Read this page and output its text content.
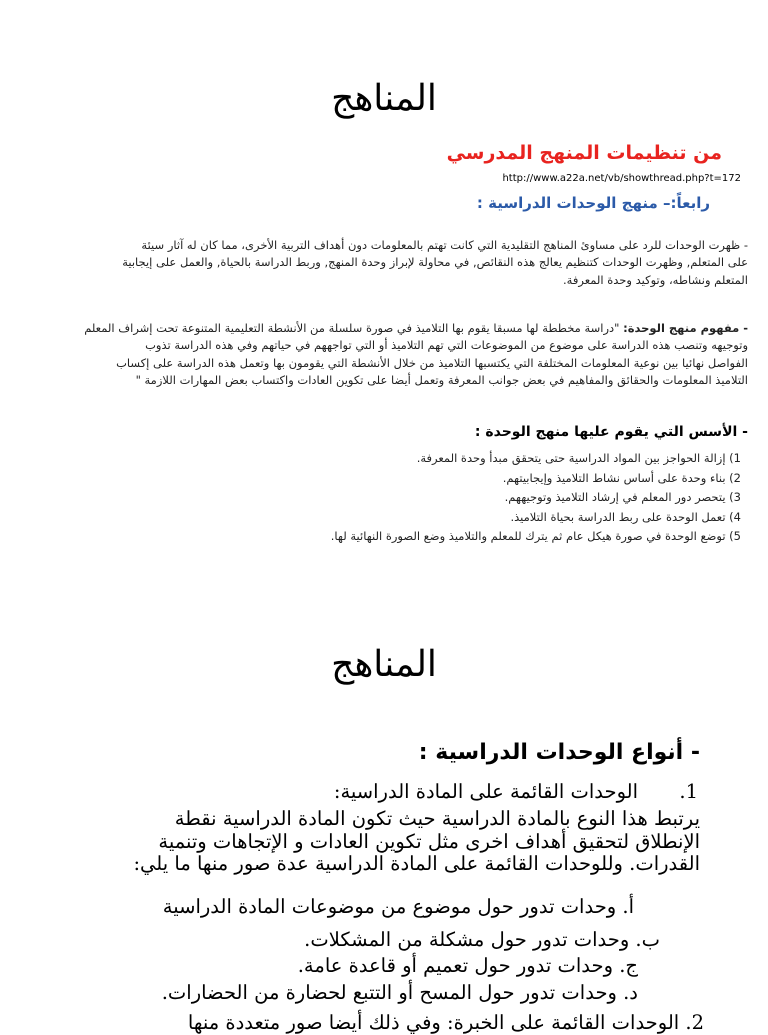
المناهج
من تنظيمات المنهج المدرسي
http://www.a22a.net/vb/showthread.php?t=172
رابعاً:– منهج الوحدات الدراسية :
- ظهرت الوحدات للرد على مساوئ المناهج التقليدية التي كانت تهتم بالمعلومات دون أهداف التربية الأخرى، مما كان له آثار سيئة
على المتعلم, وظهرت الوحدات كتنظيم يعالج هذه النقائص, في محاولة لإبراز وحدة المنهج, وربط الدراسة بالحياة, والعمل على إيجابية
المتعلم ونشاطه، وتوكيد وحدة المعرفة.
- مفهوم منهج الوحدة: "دراسة مخططة لها مسبقا يقوم بها التلاميذ في صورة سلسلة من الأنشطة التعليمية المتنوعة تحت إشراف المعلم
وتوجيهه وتنصب هذه الدراسة على موضوع من الموضوعات التي تهم التلاميذ أو التي تواجههم في حياتهم وفي هذه الدراسة تذوب
الفواصل نهائيا بين نوعية المعلومات المختلفة التي يكتسبها التلاميذ من خلال الأنشطة التي يقومون بها وتعمل هذه الدراسة على إكساب
التلاميذ المعلومات والحقائق والمفاهيم في بعض جوانب المعرفة وتعمل أيضا على تكوين العادات واكتساب بعض المهارات اللازمة "
- الأسس التي يقوم عليها منهج الوحدة :
1) إزالة الحواجز بين المواد الدراسية حتى يتحقق مبدأ وحدة المعرفة.
2) بناء وحدة على أساس نشاط التلاميذ وإيجابيتهم.
3) يتحصر دور المعلم في إرشاد التلاميذ وتوجيههم.
4) تعمل الوحدة على ربط الدراسة بحياة التلاميذ.
5) توضع الوحدة في صورة هيكل عام ثم يترك للمعلم والتلاميذ وضع الصورة النهائية لها.
المناهج
- أنواع الوحدات الدراسية :
1.
الوحدات القائمة على المادة الدراسية:
يرتبط هذا النوع بالمادة الدراسية حيث تكون المادة الدراسية نقطة
الإنطلاق لتحقيق أهداف اخرى مثل تكوين العادات و الإتجاهات وتنمية
القدرات. وللوحدات القائمة على المادة الدراسية عدة صور منها ما يلي:
أ. وحدات تدور حول موضوع من موضوعات المادة الدراسية
ب. وحدات تدور حول مشكلة من المشكلات.
ج. وحدات تدور حول تعميم أو قاعدة عامة.
د. وحدات تدور حول المسح أو التتبع لحضارة من الحضارات.
2. الوحدات القائمة على الخبرة: وفي ذلك أيضا صور متعددة منها
